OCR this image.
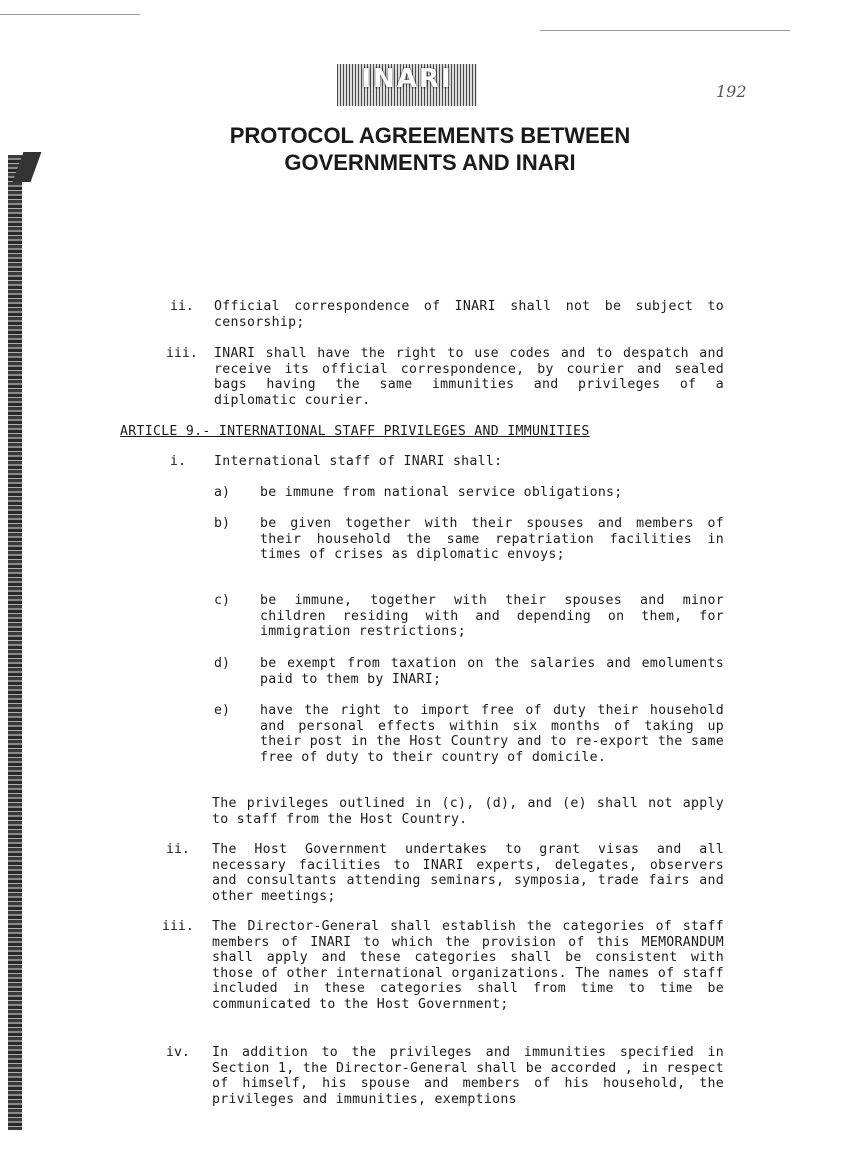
INARI	192
PROTOCOL AGREEMENTS BETWEEN GOVERNMENTS AND INARI
ii. Official correspondence of INARI shall not be subject to censorship;
iii. INARI shall have the right to use codes and to despatch and receive its official correspondence, by courier and sealed bags having the same immunities and privileges of a diplomatic courier.
ARTICLE 9.- INTERNATIONAL STAFF PRIVILEGES AND IMMUNITIES
i. International staff of INARI shall:
a) be immune from national service obligations;
b) be given together with their spouses and members of their household the same repatriation facilities in times of crises as diplomatic envoys;
c) be immune, together with their spouses and minor children residing with and depending on them, for immigration restrictions;
d) be exempt from taxation on the salaries and emoluments paid to them by INARI;
e) have the right to import free of duty their household and personal effects within six months of taking up their post in the Host Country and to re-export the same free of duty to their country of domicile.
The privileges outlined in (c), (d), and (e) shall not apply to staff from the Host Country.
ii. The Host Government undertakes to grant visas and all necessary facilities to INARI experts, delegates, observers and consultants attending seminars, symposia, trade fairs and other meetings;
iii. The Director-General shall establish the categories of staff members of INARI to which the provision of this MEMORANDUM shall apply and these categories shall be consistent with those of other international organizations. The names of staff included in these categories shall from time to time be communicated to the Host Government;
iv. In addition to the privileges and immunities specified in Section 1, the Director-General shall be accorded , in respect of himself, his spouse and members of his household, the privileges and immunities, exemptions
